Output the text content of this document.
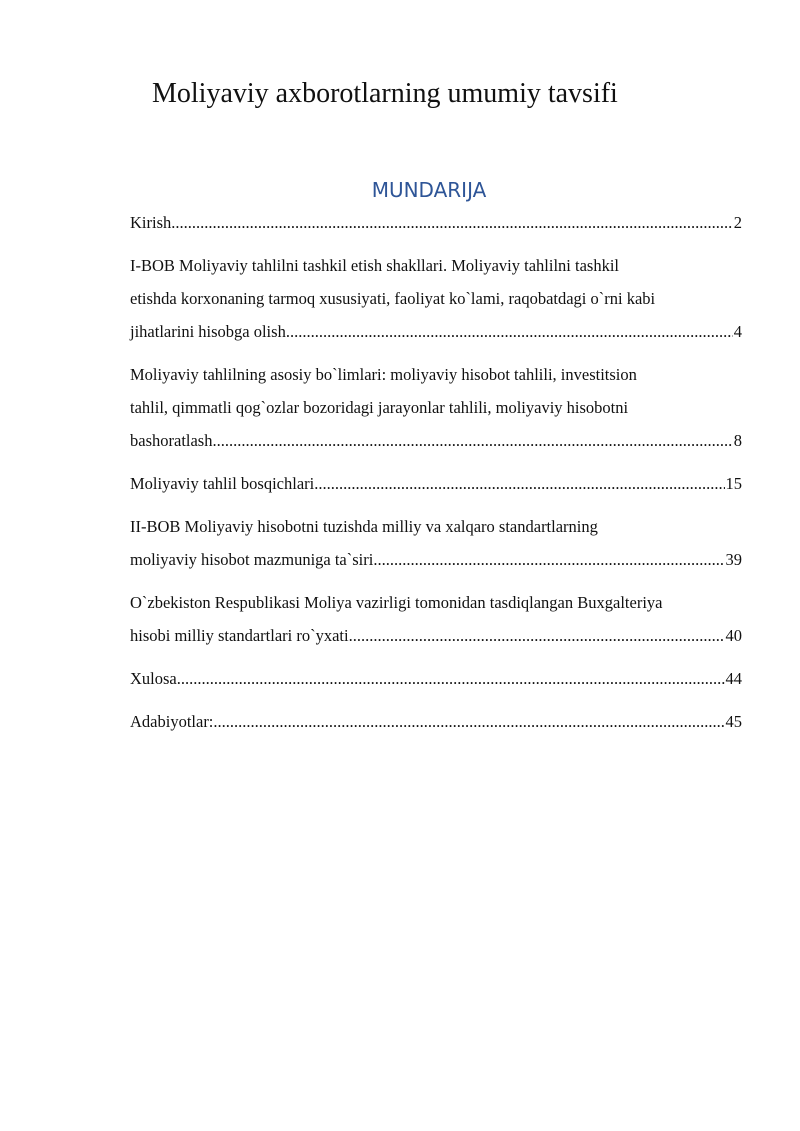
Moliyaviy axborotlarning umumiy tavsifi
MUNDARIJA
Kirish .....	2
I-BOB Moliyaviy tahlilni tashkil etish shakllari. Moliyaviy tahlilni tashkil
etishda korxonaning tarmoq xususiyati, faoliyat ko`lami, raqobatdagi o`rni kabi
jihatlarini hisobga olish .....	4
Moliyaviy tahlilning asosiy bo`limlari: moliyaviy hisobot tahlili, investitsion
tahlil, qimmatli qog`ozlar bozoridagi jarayonlar tahlili, moliyaviy hisobotni
bashoratlash .....	8
Moliyaviy tahlil bosqichlari .....	15
II-BOB Moliyaviy hisobotni tuzishda milliy va xalqaro standartlarning
moliyaviy hisobot mazmuniga ta`siri .....	39
O`zbekiston Respublikasi Moliya vazirligi tomonidan tasdiqlangan Buxgalteriya
hisobi milliy standartlari ro`yxati .....	40
Xulosa .....	44
Adabiyotlar: .....	45
